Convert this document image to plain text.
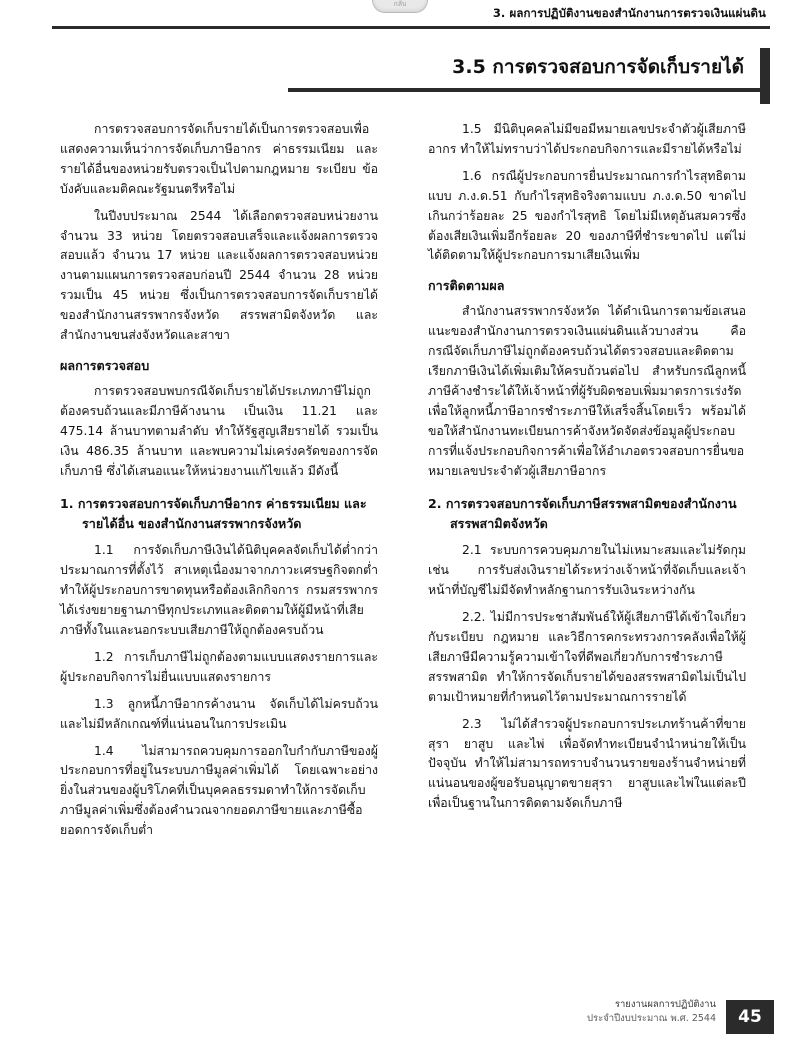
กลับ
3. ผลการปฏิบัติงานของสำนักงานการตรวจเงินแผ่นดิน
3.5 การตรวจสอบการจัดเก็บรายได้

การตรวจสอบการจัดเก็บรายได้เป็นการตรวจสอบเพื่อแสดงความเห็นว่าการจัดเก็บภาษีอากร ค่าธรรมเนียม และรายได้อื่นของหน่วยรับตรวจเป็นไปตามกฎหมาย ระเบียบ ข้อบังคับและมติคณะรัฐมนตรีหรือไม่

ในปีงบประมาณ 2544 ได้เลือกตรวจสอบหน่วยงานจำนวน 33 หน่วย โดยตรวจสอบเสร็จและแจ้งผลการตรวจสอบแล้ว จำนวน 17 หน่วย และแจ้งผลการตรวจสอบหน่วยงานตามแผนการตรวจสอบก่อนปี 2544 จำนวน 28 หน่วย รวมเป็น 45 หน่วย ซึ่งเป็นการตรวจสอบการจัดเก็บรายได้ของสำนักงานสรรพากรจังหวัด สรรพสามิตจังหวัด และสำนักงานขนส่งจังหวัดและสาขา

ผลการตรวจสอบ

การตรวจสอบพบกรณีจัดเก็บรายได้ประเภทภาษีไม่ถูกต้องครบถ้วนและมีภาษีค้างนาน เป็นเงิน 11.21 และ 475.14 ล้านบาทตามลำดับ ทำให้รัฐสูญเสียรายได้ รวมเป็นเงิน 486.35 ล้านบาท และพบความไม่เคร่งครัดของการจัดเก็บภาษี ซึ่งได้เสนอแนะให้หน่วยงานแก้ไขแล้ว มีดังนี้

1. การตรวจสอบการจัดเก็บภาษีอากร ค่าธรรมเนียม และ
รายได้อื่น ของสำนักงานสรรพากรจังหวัด

1.1 การจัดเก็บภาษีเงินได้นิติบุคคลจัดเก็บได้ต่ำกว่าประมาณการที่ตั้งไว้ สาเหตุเนื่องมาจากภาวะเศรษฐกิจตกต่ำ ทำให้ผู้ประกอบการขาดทุนหรือต้องเลิกกิจการ กรมสรรพากรได้เร่งขยายฐานภาษีทุกประเภทและติดตามให้ผู้มีหน้าที่เสียภาษีทั้งในและนอกระบบเสียภาษีให้ถูกต้องครบถ้วน

1.2 การเก็บภาษีไม่ถูกต้องตามแบบแสดงรายการและผู้ประกอบกิจการไม่ยื่นแบบแสดงรายการ

1.3 ลูกหนี้ภาษีอากรค้างนาน จัดเก็บได้ไม่ครบถ้วน และไม่มีหลักเกณฑ์ที่แน่นอนในการประเมิน

1.4 ไม่สามารถควบคุมการออกใบกำกับภาษีของผู้ประกอบการที่อยู่ในระบบภาษีมูลค่าเพิ่มได้ โดยเฉพาะอย่างยิ่งในส่วนของผู้บริโภคที่เป็นบุคคลธรรมดาทำให้การจัดเก็บภาษีมูลค่าเพิ่มซึ่งต้องคำนวณจากยอดภาษีขายและภาษีซื้อยอดการจัดเก็บต่ำ

1.5 มีนิติบุคคลไม่มีขอมีหมายเลขประจำตัวผู้เสียภาษีอากร ทำให้ไม่ทราบว่าได้ประกอบกิจการและมีรายได้หรือไม่

1.6 กรณีผู้ประกอบการยื่นประมาณการกำไรสุทธิตามแบบ ภ.ง.ด.51 กับกำไรสุทธิจริงตามแบบ ภ.ง.ด.50 ขาดไปเกินกว่าร้อยละ 25 ของกำไรสุทธิ โดยไม่มีเหตุอันสมควรซึ่งต้องเสียเงินเพิ่มอีกร้อยละ 20 ของภาษีที่ชำระขาดไป แต่ไม่ได้ติดตามให้ผู้ประกอบการมาเสียเงินเพิ่ม

การติดตามผล

สำนักงานสรรพากรจังหวัด ได้ดำเนินการตามข้อเสนอแนะของสำนักงานการตรวจเงินแผ่นดินแล้วบางส่วน คือ กรณีจัดเก็บภาษีไม่ถูกต้องครบถ้วนได้ตรวจสอบและติดตามเรียกภาษีเงินได้เพิ่มเติมให้ครบถ้วนต่อไป สำหรับกรณีลูกหนี้ภาษีค้างชำระได้ให้เจ้าหน้าที่ผู้รับผิดชอบเพิ่มมาตรการเร่งรัดเพื่อให้ลูกหนี้ภาษีอากรชำระภาษีให้เสร็จสิ้นโดยเร็ว พร้อมได้ขอให้สำนักงานทะเบียนการค้าจังหวัดจัดส่งข้อมูลผู้ประกอบการที่แจ้งประกอบกิจการค้าเพื่อให้อำเภอตรวจสอบการยื่นขอหมายเลขประจำตัวผู้เสียภาษีอากร

2. การตรวจสอบการจัดเก็บภาษีสรรพสามิตของสำนักงาน
สรรพสามิตจังหวัด

2.1 ระบบการควบคุมภายในไม่เหมาะสมและไม่รัดกุม เช่น การรับส่งเงินรายได้ระหว่างเจ้าหน้าที่จัดเก็บและเจ้าหน้าที่บัญชีไม่มีจัดทำหลักฐานการรับเงินระหว่างกัน

2.2. ไม่มีการประชาสัมพันธ์ให้ผู้เสียภาษีได้เข้าใจเกี่ยวกับระเบียบ กฎหมาย และวิธีการคกระทรวงการคลังเพื่อให้ผู้เสียภาษีมีความรู้ความเข้าใจที่ดีพอเกี่ยวกับการชำระภาษีสรรพสามิต ทำให้การจัดเก็บรายได้ของสรรพสามิตไม่เป็นไปตามเป้าหมายที่กำหนดไว้ตามประมาณการรายได้

2.3 ไม่ได้สำรวจผู้ประกอบการประเภทร้านค้าที่ขายสุรา ยาสูบ และไพ่ เพื่อจัดทำทะเบียนจำนำหน่ายให้เป็นปัจจุบัน ทำให้ไม่สามารถทราบจำนวนรายของร้านจำหน่ายที่แน่นอนของผู้ขอรับอนุญาตขายสุรา ยาสูบและไพ่ในแต่ละปี เพื่อเป็นฐานในการติดตามจัดเก็บภาษี

รายงานผลการปฏิบัติงาน
ประจำปีงบประมาณ พ.ศ. 2544	45
